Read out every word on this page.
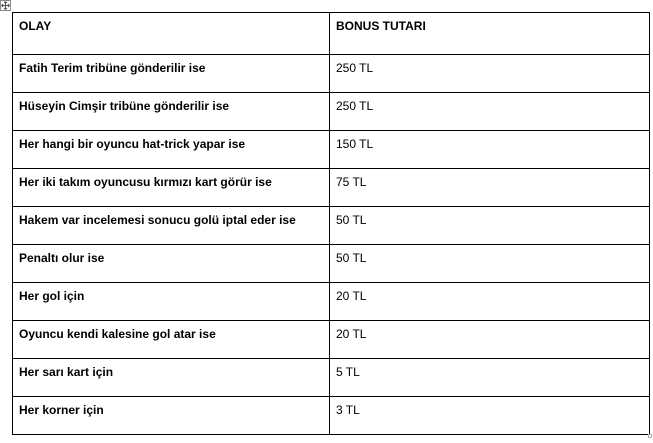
OLAY	BONUS TUTARI
Fatih Terim tribüne gönderilir ise	250 TL
Hüseyin Cimşir tribüne gönderilir ise	250 TL
Her hangi bir oyuncu hat-trick yapar ise	150 TL
Her iki takım oyuncusu kırmızı kart görür ise	75 TL
Hakem var incelemesi sonucu golü iptal eder ise	50 TL
Penaltı olur ise	50 TL
Her gol için	20 TL
Oyuncu kendi kalesine gol atar ise	20 TL
Her sarı kart için	5 TL
Her korner için	3 TL
